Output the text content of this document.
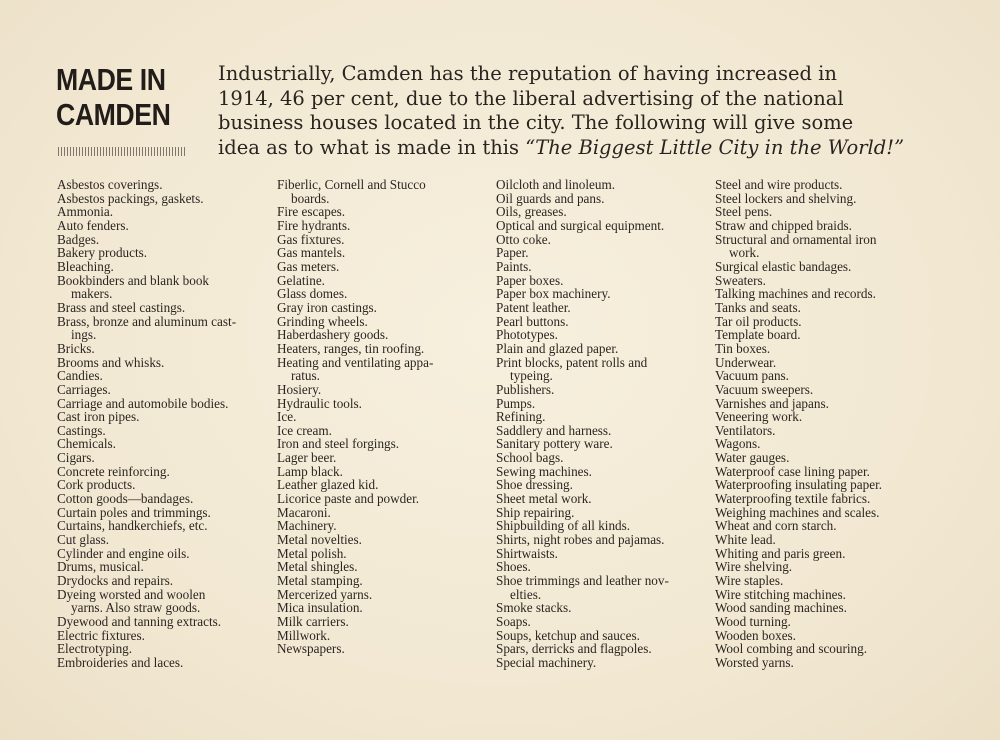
MADE IN
CAMDEN
Industrially, Camden has the reputation of having increased in
1914, 46 per cent, due to the liberal advertising of the national
business houses located in the city. The following will give some
idea as to what is made in this “The Biggest Little City in the World!”
Asbestos coverings.
Asbestos packings, gaskets.
Ammonia.
Auto fenders.
Badges.
Bakery products.
Bleaching.
Bookbinders and blank book
makers.
Brass and steel castings.
Brass, bronze and aluminum cast-
ings.
Bricks.
Brooms and whisks.
Candies.
Carriages.
Carriage and automobile bodies.
Cast iron pipes.
Castings.
Chemicals.
Cigars.
Concrete reinforcing.
Cork products.
Cotton goods—bandages.
Curtain poles and trimmings.
Curtains, handkerchiefs, etc.
Cut glass.
Cylinder and engine oils.
Drums, musical.
Drydocks and repairs.
Dyeing worsted and woolen
yarns. Also straw goods.
Dyewood and tanning extracts.
Electric fixtures.
Electrotyping.
Embroideries and laces.
Fiberlic, Cornell and Stucco
boards.
Fire escapes.
Fire hydrants.
Gas fixtures.
Gas mantels.
Gas meters.
Gelatine.
Glass domes.
Gray iron castings.
Grinding wheels.
Haberdashery goods.
Heaters, ranges, tin roofing.
Heating and ventilating appa-
ratus.
Hosiery.
Hydraulic tools.
Ice.
Ice cream.
Iron and steel forgings.
Lager beer.
Lamp black.
Leather glazed kid.
Licorice paste and powder.
Macaroni.
Machinery.
Metal novelties.
Metal polish.
Metal shingles.
Metal stamping.
Mercerized yarns.
Mica insulation.
Milk carriers.
Millwork.
Newspapers.
Oilcloth and linoleum.
Oil guards and pans.
Oils, greases.
Optical and surgical equipment.
Otto coke.
Paper.
Paints.
Paper boxes.
Paper box machinery.
Patent leather.
Pearl buttons.
Phototypes.
Plain and glazed paper.
Print blocks, patent rolls and
typeing.
Publishers.
Pumps.
Refining.
Saddlery and harness.
Sanitary pottery ware.
School bags.
Sewing machines.
Shoe dressing.
Sheet metal work.
Ship repairing.
Shipbuilding of all kinds.
Shirts, night robes and pajamas.
Shirtwaists.
Shoes.
Shoe trimmings and leather nov-
elties.
Smoke stacks.
Soaps.
Soups, ketchup and sauces.
Spars, derricks and flagpoles.
Special machinery.
Steel and wire products.
Steel lockers and shelving.
Steel pens.
Straw and chipped braids.
Structural and ornamental iron
work.
Surgical elastic bandages.
Sweaters.
Talking machines and records.
Tanks and seats.
Tar oil products.
Template board.
Tin boxes.
Underwear.
Vacuum pans.
Vacuum sweepers.
Varnishes and japans.
Veneering work.
Ventilators.
Wagons.
Water gauges.
Waterproof case lining paper.
Waterproofing insulating paper.
Waterproofing textile fabrics.
Weighing machines and scales.
Wheat and corn starch.
White lead.
Whiting and paris green.
Wire shelving.
Wire staples.
Wire stitching machines.
Wood sanding machines.
Wood turning.
Wooden boxes.
Wool combing and scouring.
Worsted yarns.
